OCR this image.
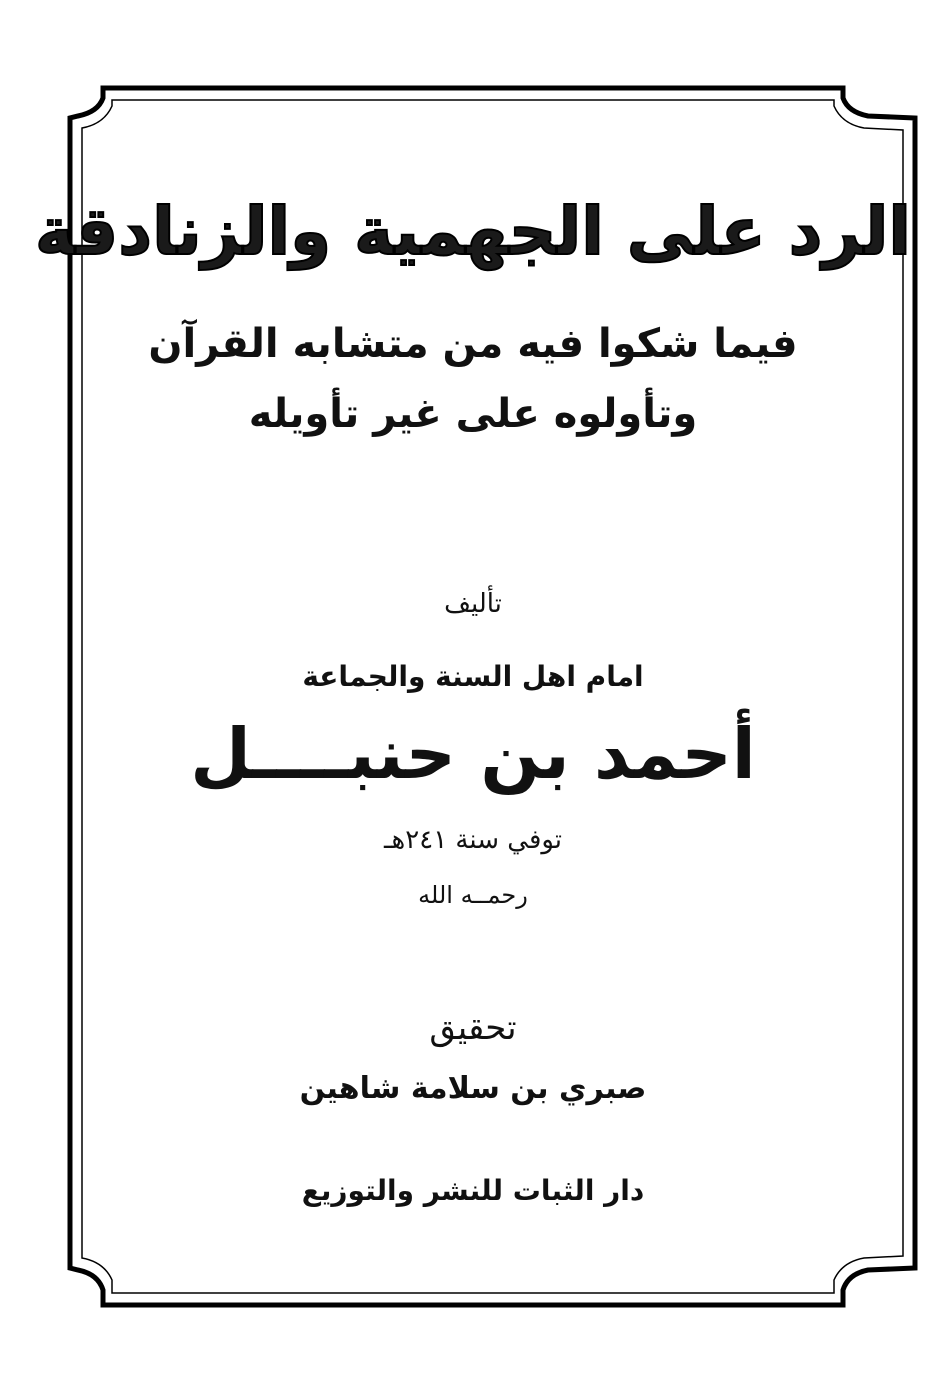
الرد على الجهمية والزنادقة
فيما شكوا فيه من متشابه القرآن
وتأولوه على غير تأويله
تأليف
امام اهل السنة والجماعة
أحمد بن حنبــــل
توفي سنة ٢٤١هـ
رحمــه الله
تحقيق
صبري بن سلامة شاهين
دار الثبات للنشر والتوزيع
